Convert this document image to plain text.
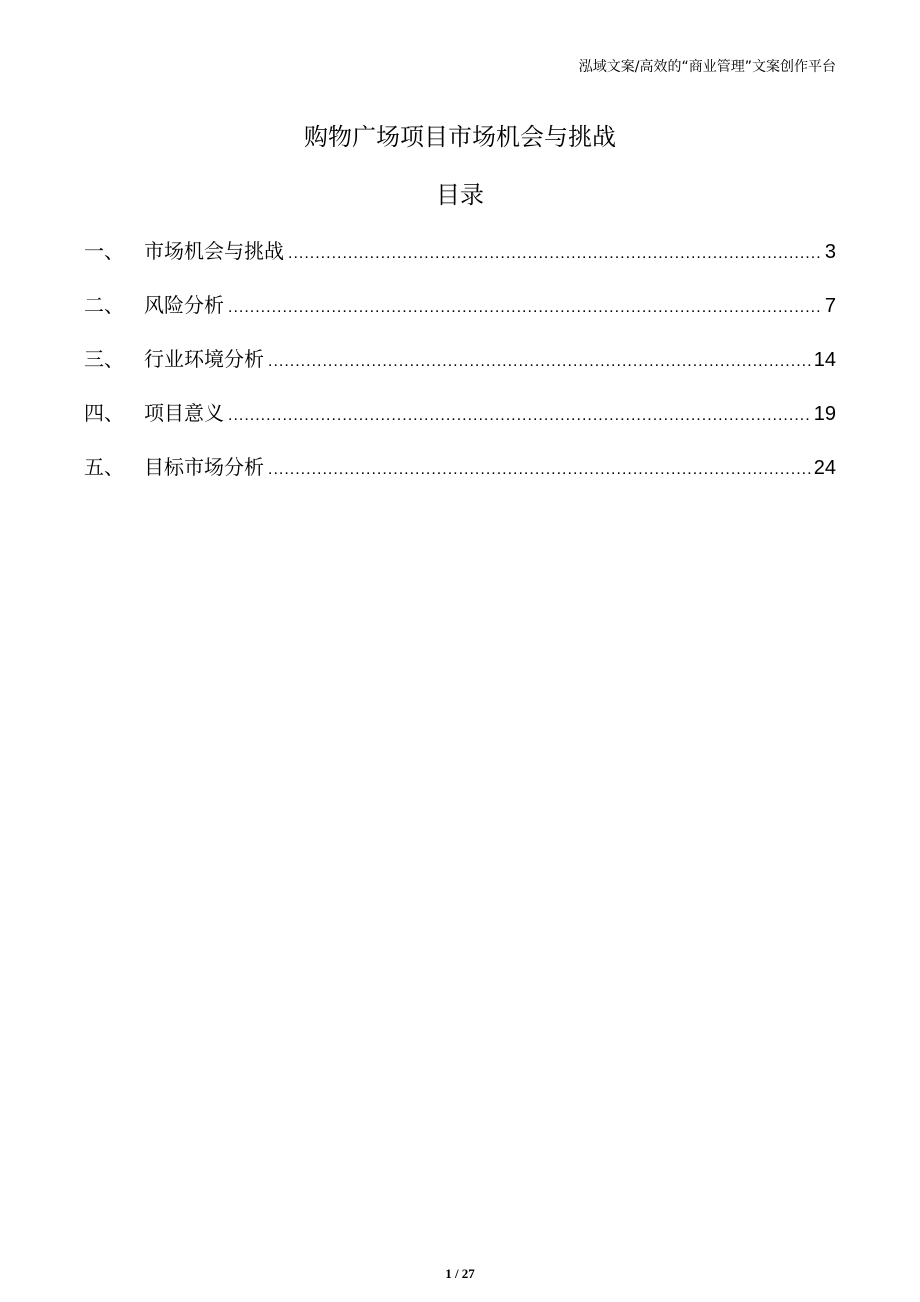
泓域文案/高效的“商业管理”文案创作平台
购物广场项目市场机会与挑战
目录
一、	市场机会与挑战 .....	3
二、	风险分析 .....	7
三、	行业环境分析 .....	14
四、	项目意义 .....	19
五、	目标市场分析 .....	24
1 / 27
